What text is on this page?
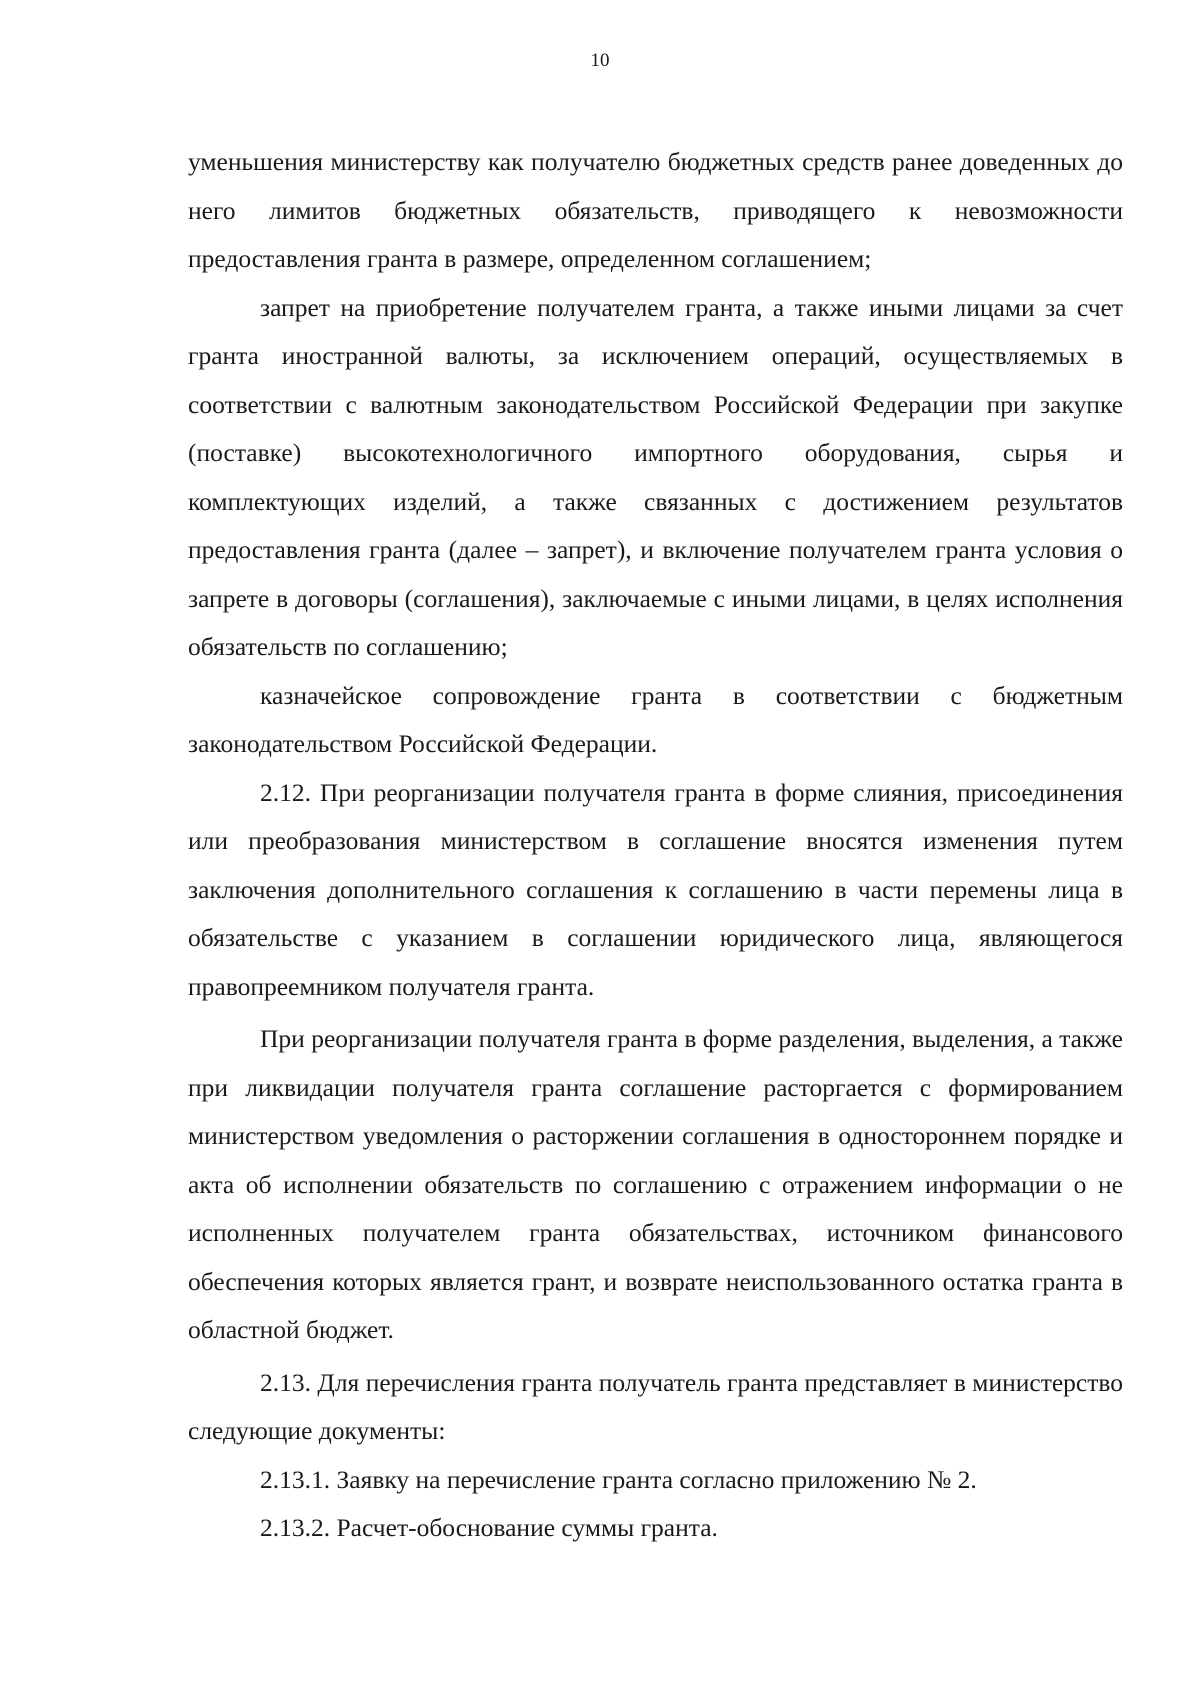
10

уменьшения министерству как получателю бюджетных средств ранее доведенных до него лимитов бюджетных обязательств, приводящего к невозможности предоставления гранта в размере, определенном соглашением;

запрет на приобретение получателем гранта, а также иными лицами за счет гранта иностранной валюты, за исключением операций, осуществляемых в соответствии с валютным законодательством Российской Федерации при закупке (поставке) высокотехнологичного импортного оборудования, сырья и комплектующих изделий, а также связанных с достижением результатов предоставления гранта (далее – запрет), и включение получателем гранта условия о запрете в договоры (соглашения), заключаемые с иными лицами, в целях исполнения обязательств по соглашению;

казначейское сопровождение гранта в соответствии с бюджетным законодательством Российской Федерации.

2.12. При реорганизации получателя гранта в форме слияния, присоединения или преобразования министерством в соглашение вносятся изменения путем заключения дополнительного соглашения к соглашению в части перемены лица в обязательстве с указанием в соглашении юридического лица, являющегося правопреемником получателя гранта.

При реорганизации получателя гранта в форме разделения, выделения, а также при ликвидации получателя гранта соглашение расторгается с формированием министерством уведомления о расторжении соглашения в одностороннем порядке и акта об исполнении обязательств по соглашению с отражением информации о не исполненных получателем гранта обязательствах, источником финансового обеспечения которых является грант, и возврате неиспользованного остатка гранта в областной бюджет.

2.13. Для перечисления гранта получатель гранта представляет в министерство следующие документы:

2.13.1. Заявку на перечисление гранта согласно приложению № 2.

2.13.2. Расчет-обоснование суммы гранта.
